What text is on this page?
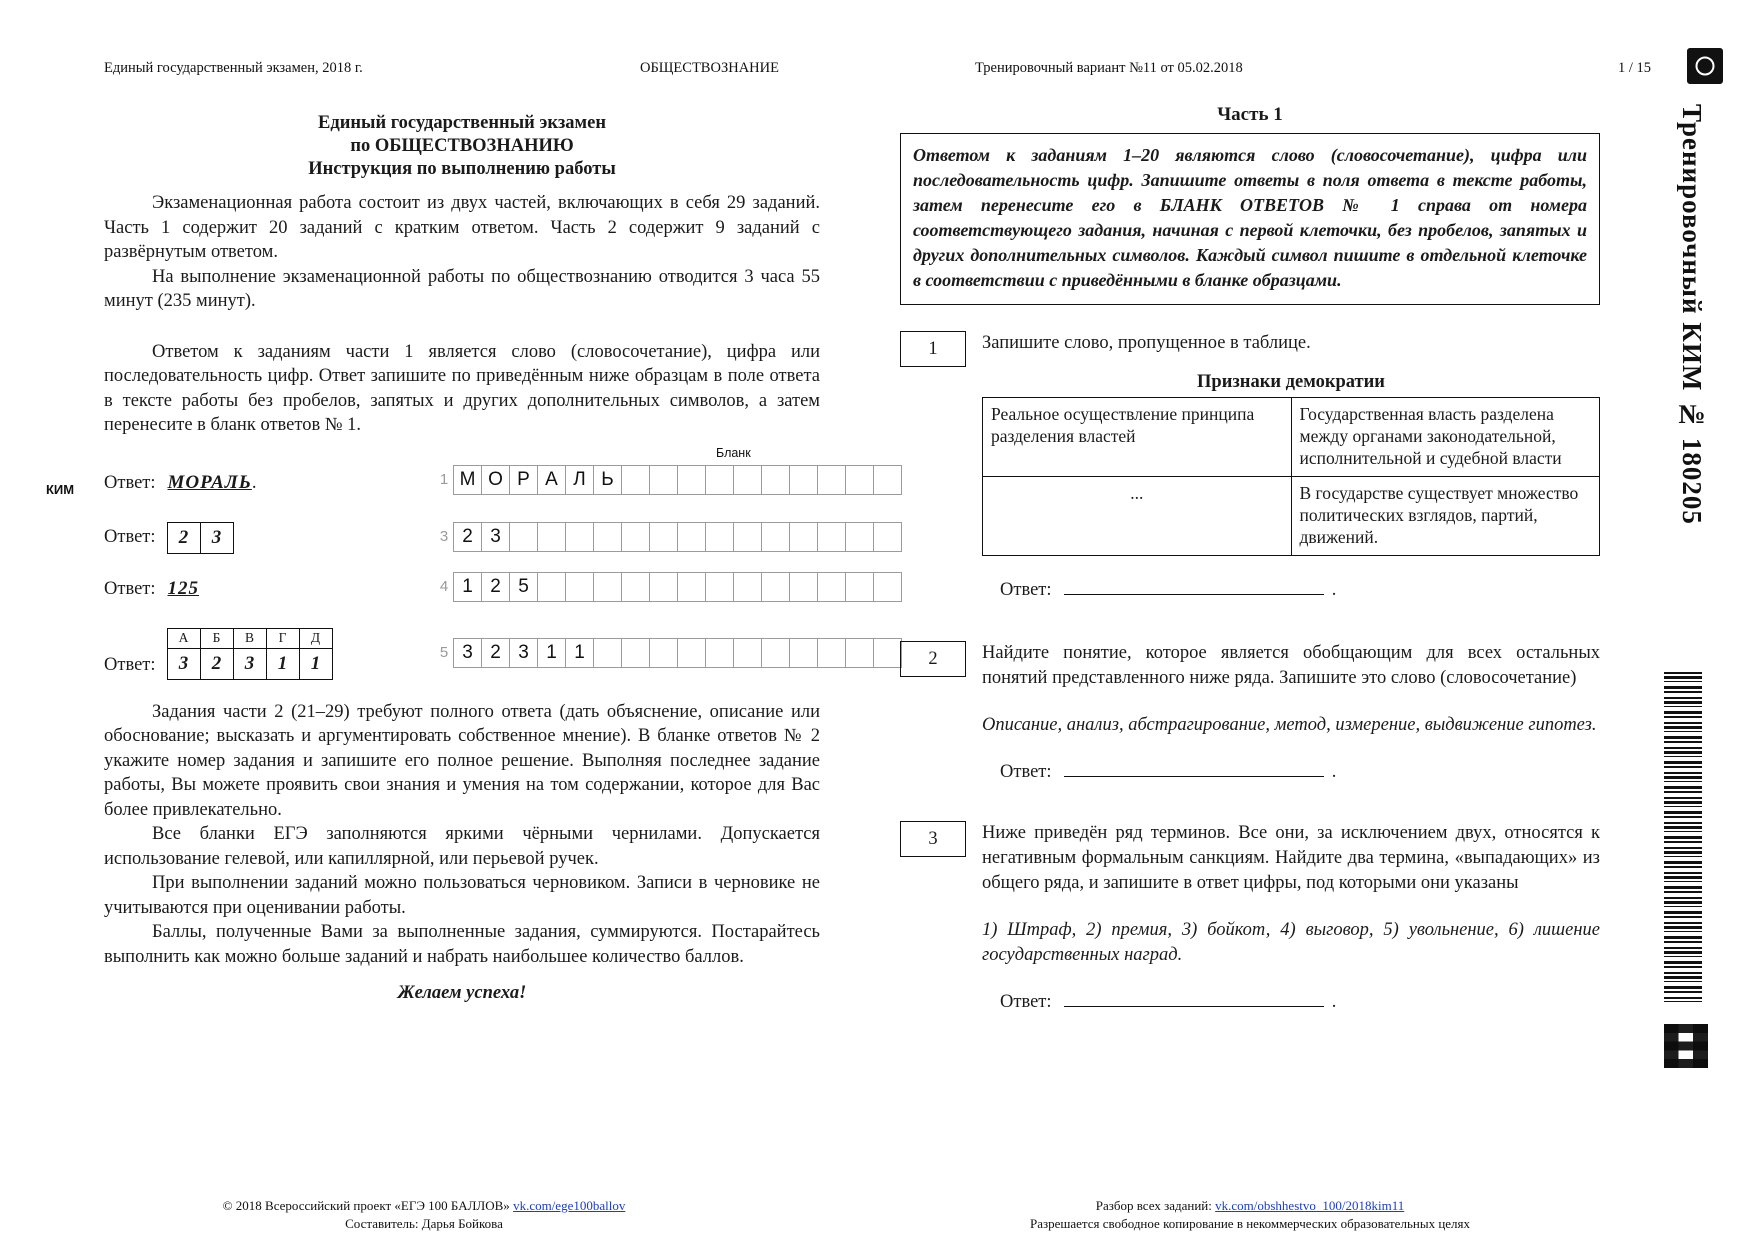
Единый государственный экзамен, 2018 г.	ОБЩЕСТВОЗНАНИЕ	Тренировочный вариант №11 от 05.02.2018	1 / 15
Тренировочный КИМ № 180205
Единый государственный экзамен
по ОБЩЕСТВОЗНАНИЮ
Инструкция по выполнению работы

Экзаменационная работа состоит из двух частей, включающих в себя 29 заданий. Часть 1 содержит 20 заданий с кратким ответом. Часть 2 содержит 9 заданий с развёрнутым ответом.

На выполнение экзаменационной работы по обществознанию отводится 3 часа 55 минут (235 минут).

Ответом к заданиям части 1 является слово (словосочетание), цифра или последовательность цифр. Ответ запишите по приведённым ниже образцам в поле ответа в тексте работы без пробелов, запятых и других дополнительных символов, а затем перенесите в бланк ответов № 1.

КИМ
Бланк
Ответ: МОРАЛЬ.	1 М О Р А Л Ь
Ответ:	2	3	3 2 3
Ответ: 125	4 1 2 5
Ответ:
А	Б	В	Г	Д
3	2	3	1	1	5 3 2 3 1 1

Задания части 2 (21–29) требуют полного ответа (дать объяснение, описание или обоснование; высказать и аргументировать собственное мнение). В бланке ответов № 2 укажите номер задания и запишите его полное решение. Выполняя последнее задание работы, Вы можете проявить свои знания и умения на том содержании, которое для Вас более привлекательно.

Все бланки ЕГЭ заполняются яркими чёрными чернилами. Допускается использование гелевой, или капиллярной, или перьевой ручек.

При выполнении заданий можно пользоваться черновиком. Записи в черновике не учитываются при оценивании работы.

Баллы, полученные Вами за выполненные задания, суммируются. Постарайтесь выполнить как можно больше заданий и набрать наибольшее количество баллов.

Желаем успеха!
Часть 1
Ответом к заданиям 1–20 являются слово (словосочетание), цифра или последовательность цифр. Запишите ответы в поля ответа в тексте работы, затем перенесите его в БЛАНК ОТВЕТОВ № 1 справа от номера соответствующего задания, начиная с первой клеточки, без пробелов, запятых и других дополнительных символов. Каждый символ пишите в отдельной клеточке в соответствии с приведёнными в бланке образцами.
1	Запишите слово, пропущенное в таблице.

Признаки демократии
Реальное осуществление принципа разделения властей	Государственная власть разделена между органами законодательной, исполнительной и судебной власти
...	В государстве существует множество политических взглядов, партий, движений.
Ответ:	.
2	Найдите понятие, которое является обобщающим для всех остальных понятий представленного ниже ряда. Запишите это слово (словосочетание)

Описание, анализ, абстрагирование, метод, измерение, выдвижение гипотез.

Ответ:	.
3	Ниже приведён ряд терминов. Все они, за исключением двух, относятся к негативным формальным санкциям. Найдите два термина, «выпадающих» из общего ряда, и запишите в ответ цифры, под которыми они указаны

1) Штраф, 2) премия, 3) бойкот, 4) выговор, 5) увольнение, 6) лишение государственных наград.

Ответ:	.
© 2018 Всероссийский проект «ЕГЭ 100 БАЛЛОВ» vk.com/ege100ballov
Составитель: Дарья Бойкова
Разбор всех заданий: vk.com/obshhestvo_100/2018kim11
Разрешается свободное копирование в некоммерческих образовательных целях
